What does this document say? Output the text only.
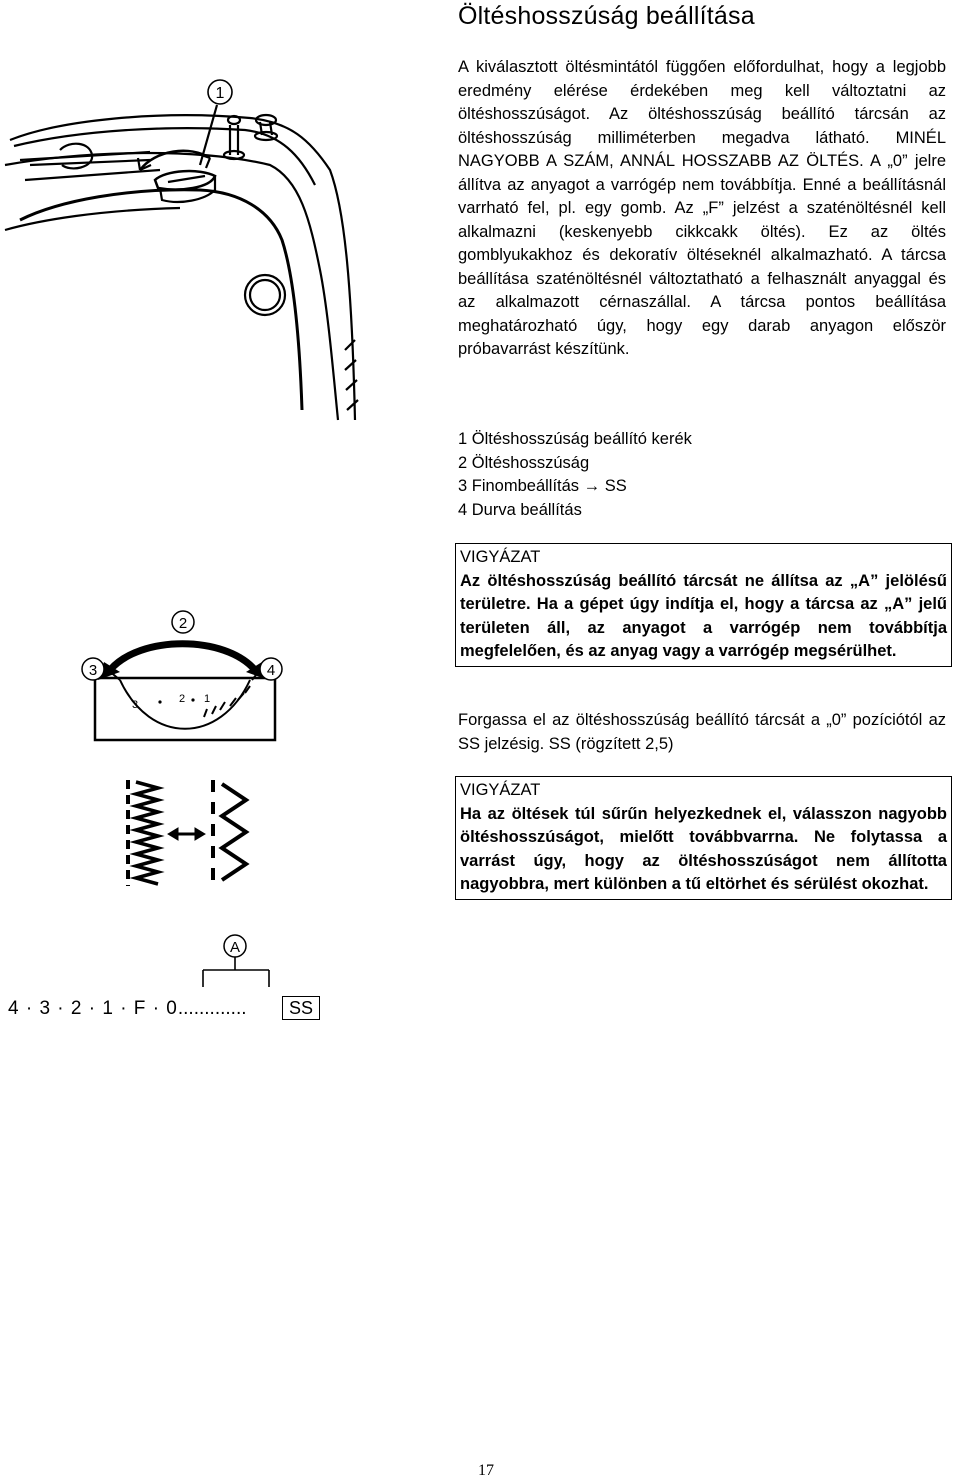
Öltéshosszúság beállítása

A kiválasztott öltésmintától függően előfordulhat, hogy a legjobb eredmény elérése érdekében meg kell változtatni az öltéshosszúságot. Az öltéshosszúság beállító tárcsán az öltéshosszúság milliméterben megadva látható. MINÉL NAGYOBB A SZÁM, ANNÁL HOSSZABB AZ ÖLTÉS. A „0” jelre állítva az anyagot a varrógép nem továbbítja. Enné a beállításnál varrható fel, pl. egy gomb. Az „F” jelzést a szaténöltésnél kell alkalmazni (keskenyebb cikkcakk öltés). Ez az öltés gomblyukakhoz és dekoratív öltéseknél alkalmazható. A tárcsa beállítása szaténöltésnél változtatható a felhasznált anyaggal és az alkalmazott cérnaszállal. A tárcsa pontos beállítása meghatározható úgy, hogy egy darab anyagon először próbavarrást készítünk.

1 Öltéshosszúság beállító kerék
2 Öltéshosszúság
3 Finombeállítás → SS
4 Durva beállítás
VIGYÁZAT
Az öltéshosszúság beállító tárcsát ne állítsa az „A” jelölésű területre. Ha a gépet úgy indítja el, hogy a tárcsa az „A” jelű területen áll, az anyagot a varrógép nem továbbítja megfelelően, és az anyag vagy a varrógép megsérülhet.

Forgassa el az öltéshosszúság beállító tárcsát a „0” pozíciótól az SS jelzésig. SS (rögzített 2,5)

VIGYÁZAT
Ha az öltések túl sűrűn helyezkednek el, válasszon nagyobb öltéshosszúságot, mielőtt továbbvarrna. Ne folytassa a varrást úgy, hogy az öltéshosszúságot nem állította nagyobbra, mert különben a tű eltörhet és sérülést okozhat.
1
2
3	4
3	2 1
A
4 · 3 · 2 · 1 · F · 0.............	SS
17
